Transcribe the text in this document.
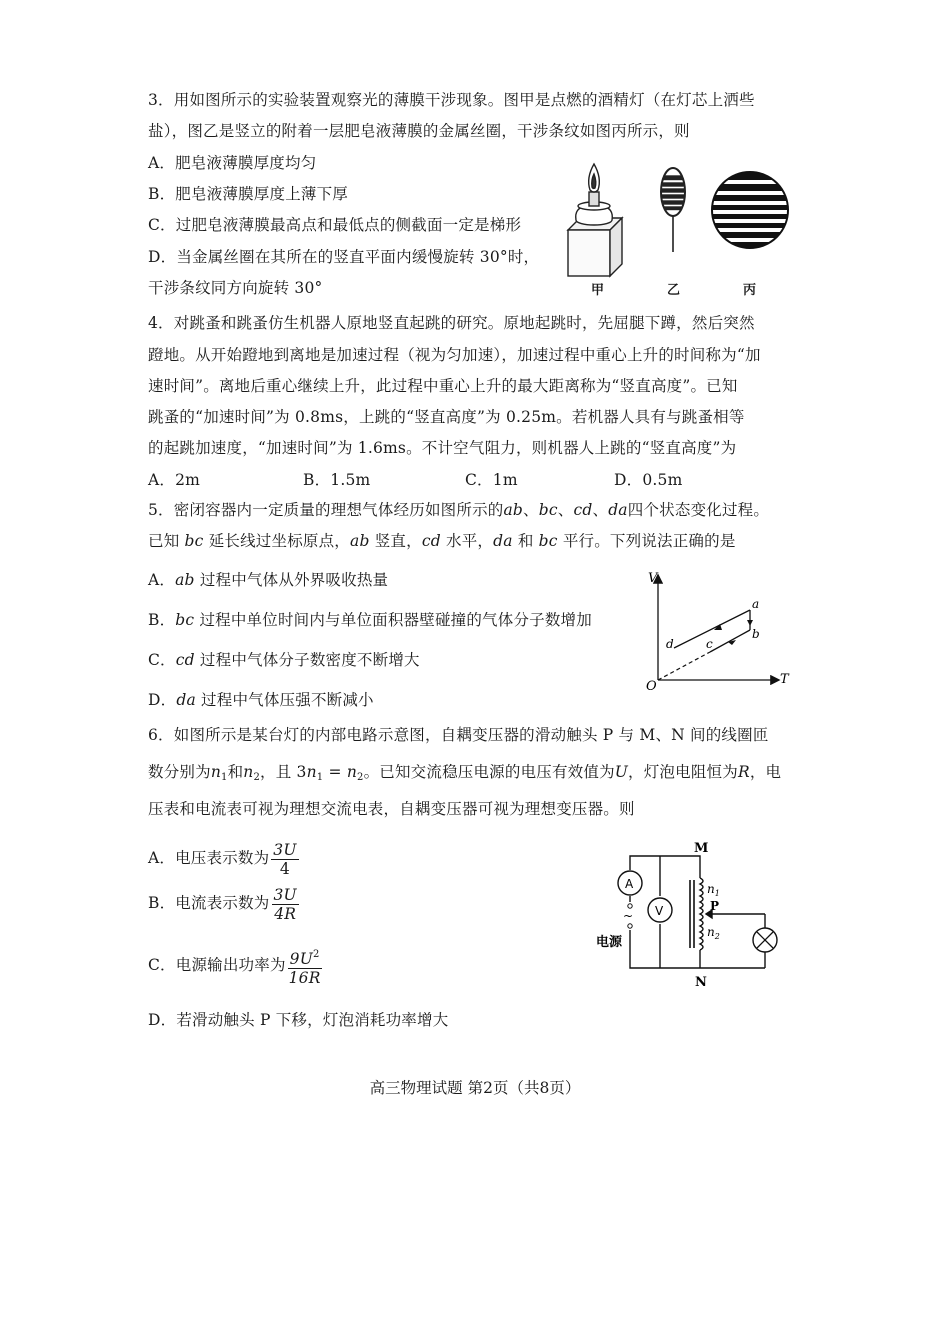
3．用如图所示的实验装置观察光的薄膜干涉现象。图甲是点燃的酒精灯（在灯芯上洒些
盐），图乙是竖立的附着一层肥皂液薄膜的金属丝圈，干涉条纹如图丙所示，则
A．肥皂液薄膜厚度均匀
B．肥皂液薄膜厚度上薄下厚
C．过肥皂液薄膜最高点和最低点的侧截面一定是梯形
D．当金属丝圈在其所在的竖直平面内缓慢旋转 30°时，
干涉条纹同方向旋转 30°	甲	乙	丙
4．对跳蚤和跳蚤仿生机器人原地竖直起跳的研究。原地起跳时，先屈腿下蹲，然后突然
蹬地。从开始蹬地到离地是加速过程（视为匀加速），加速过程中重心上升的时间称为“加
速时间”。离地后重心继续上升，此过程中重心上升的最大距离称为“竖直高度”。已知
跳蚤的“加速时间”为 0.8ms，上跳的“竖直高度”为 0.25m。若机器人具有与跳蚤相等
的起跳加速度，“加速时间”为 1.6ms。不计空气阻力，则机器人上跳的“竖直高度”为
A．2m	B．1.5m	C．1m	D．0.5m
5．密闭容器内一定质量的理想气体经历如图所示的ab、bc、cd、da四个状态变化过程。
已知 bc 延长线过坐标原点，ab 竖直，cd 水平，da 和 bc 平行。下列说法正确的是
A．ab 过程中气体从外界吸收热量
B．bc 过程中单位时间内与单位面积器壁碰撞的气体分子数增加
C．cd 过程中气体分子数密度不断增大
D．da 过程中气体压强不断减小
V
T
O
a
b
c
d
6．如图所示是某台灯的内部电路示意图，自耦变压器的滑动触头 P 与 M、N 间的线圈匝
数分别为$n_1$和$n_2$，且 $3n_1 = n_2$。已知交流稳压电源的电压有效值为U，灯泡电阻恒为R，电
压表和电流表可视为理想交流电表，自耦变压器可视为理想变压器。则
A．电压表示数为 $\frac{3U}{4}$
B．电流表示数为 $\frac{3U}{4R}$
C．电源输出功率为 $\frac{9U^2}{16R}$
D．若滑动触头 P 下移，灯泡消耗功率增大
A
V
~
M
N
P
$n_1$
$n_2$
电源
高三物理试题 第2页（共8页）
